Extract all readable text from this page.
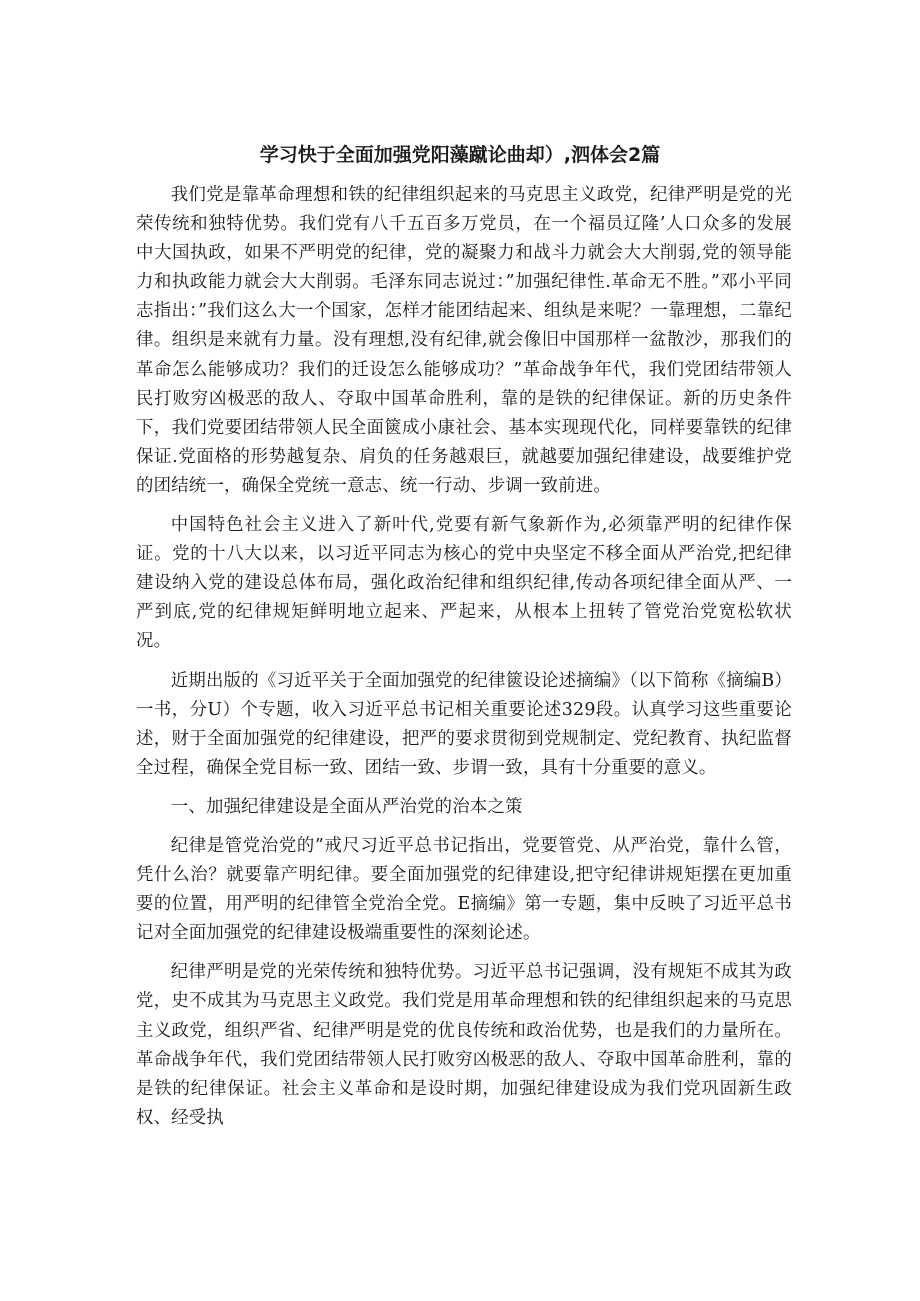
学习快于全面加强党阳藻蹴论曲却）,泗体会2篇

我们党是靠革命理想和铁的纪律组织起来的马克思主义政党，纪律严明是党的光荣传统和独特优势。我们党有八千五百多万党员，在一个福员辽隆’人口众多的发展中大国执政，如果不严明党的纪律，党的凝聚力和战斗力就会大大削弱,党的领导能力和执政能力就会大大削弱。毛泽东同志说过：”加强纪律性.革命无不胜。”邓小平同志指出：”我们这么大一个国家，怎样才能团结起来、组纨是来呢？一靠理想，二靠纪律。组织是来就有力量。没有理想,没有纪律,就会像旧中国那样一盆散沙，那我们的革命怎么能够成功？我们的迁设怎么能够成功？”革命战争年代，我们党团结带领人民打败穷凶极恶的敌人、夺取中国革命胜利，靠的是铁的纪律保证。新的历史条件下，我们党要团结带领人民全面篋成小康社会、基本实现现代化，同样要靠铁的纪律保证.党面格的形势越复杂、肩负的任务越艰巨，就越要加强纪律建设，战要维护党的团结统一，确保全党统一意志、统一行动、步调一致前进。

中国特色社会主义进入了新叶代,党要有新气象新作为,必须靠严明的纪律作保证。党的十八大以来，以习近平同志为核心的党中央坚定不移全面从严治党,把纪律建设纳入党的建设总体布局，强化政治纪律和组织纪律,传动各项纪律全面从严、一严到底,党的纪律规矩鲜明地立起来、严起来，从根本上扭转了管党治党宽松软状况。

近期出版的《习近平关于全面加强党的纪律篋设论述摘编》（以下简称《摘编B）一书，分U）个专题，收入习近平总书记相关重要论述329段。认真学习这些重要论述，财于全面加强党的纪律建设，把严的要求贯彻到党规制定、党纪教育、执纪监督全过程，确保全党目标一致、团结一致、步谓一致，具有十分重要的意义。

一、加强纪律建设是全面从严治党的治本之策

纪律是管党治党的”戒尺习近平总书记指出，党要管党、从严治党，靠什么管，凭什么治？就要靠产明纪律。要全面加强党的纪律建设,把守纪律讲规矩摆在更加重要的位置，用严明的纪律管全党治全党。E摘编》第一专题，集中反映了习近平总书记对全面加强党的纪律建设极端重要性的深刻论述。

纪律严明是党的光荣传统和独特优势。习近平总书记强调，没有规矩不成其为政党，史不成其为马克思主义政党。我们党是用革命理想和铁的纪律组织起来的马克思主义政党，组织严省、纪律严明是党的优良传统和政治优势，也是我们的力量所在。革命战争年代，我们党团结带领人民打败穷凶极恶的敌人、夺取中国革命胜利，靠的是铁的纪律保证。社会主义革命和是设时期，加强纪律建设成为我们党巩固新生政权、经受执
